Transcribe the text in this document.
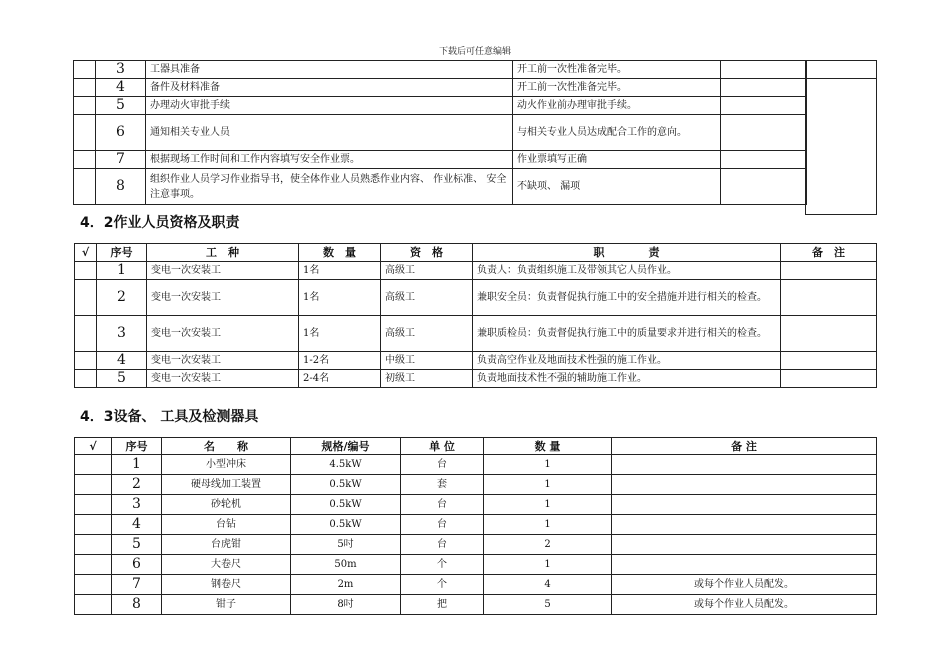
下载后可任意编辑
	3	工器具准备	开工前一次性准备完毕。	
	4	备件及材料准备	开工前一次性准备完毕。	
	5	办理动火审批手续	动火作业前办理审批手续。	
	6	通知相关专业人员	与相关专业人员达成配合工作的意向。	
	7	根据现场工作时间和工作内容填写安全作业票。	作业票填写正确	
	8	组织作业人员学习作业指导书，使全体作业人员熟悉作业内容、 作业标准、 安全注意事项。	不缺项、 漏项	

4．2作业人员资格及职责
√	序号	工　种	数　量	资　格	职　　　　责	备　注
	1	变电一次安装工	1名	高级工	负责人：负责组织施工及带领其它人员作业。	
	2	变电一次安装工	1名	高级工	兼职安全员：负责督促执行施工中的安全措施并进行相关的检查。	
	3	变电一次安装工	1名	高级工	兼职质检员：负责督促执行施工中的质量要求并进行相关的检查。	
	4	变电一次安装工	1-2名	中级工	负责高空作业及地面技术性强的施工作业。	
	5	变电一次安装工	2-4名	初级工	负责地面技术性不强的辅助施工作业。	
4．3设备、 工具及检测器具
√	序号	名　　称	规格/编号	单 位	数 量	备 注
	1	小型冲床	4.5kW	台	1	
	2	硬母线加工装置	0.5kW	套	1	
	3	砂轮机	0.5kW	台	1	
	4	台钻	0.5kW	台	1	
	5	台虎钳	5吋	台	2	
	6	大卷尺	50m	个	1	
	7	钢卷尺	2m	个	4	或每个作业人员配发。
	8	钳子	8吋	把	5	或每个作业人员配发。
